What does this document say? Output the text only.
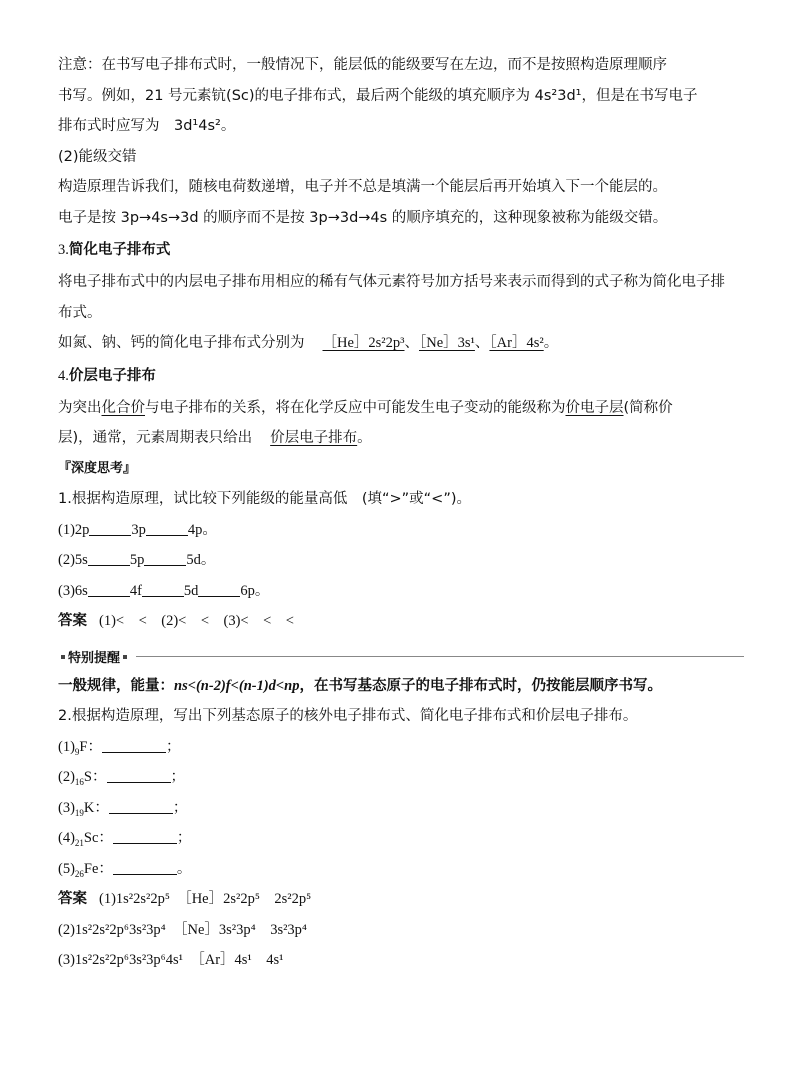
注意：在书写电子排布式时，一般情况下，能层低的能级要写在左边，而不是按照构造原理顺序

书写。例如，21 号元素钪(Sc)的电子排布式，最后两个能级的填充顺序为 4s²3d¹，但是在书写电子

排布式时应写为　3d¹4s²。

(2)能级交错

构造原理告诉我们，随核电荷数递增，电子并不总是填满一个能层后再开始填入下一个能层的。

电子是按 3p→4s→3d 的顺序而不是按 3p→3d→4s 的顺序填充的，这种现象被称为能级交错。

3.简化电子排布式

将电子排布式中的内层电子排布用相应的稀有气体元素符号加方括号来表示而得到的式子称为简化电子排布式。

如氮、钠、钙的简化电子排布式分别为 ［He］2s²2p³、［Ne］3s¹、［Ar］4s²。

4.价层电子排布

为突出化合价与电子排布的关系，将在化学反应中可能发生电子变动的能级称为价电子层(简称价

层)，通常，元素周期表只给出 价层电子排布。

『深度思考』

1.根据构造原理，试比较下列能级的能量高低　(填“>”或“<”)。

(1)2p	3p	4p。

(2)5s	5p	5d。

(3)6s	4f	5d	6p。

答案 (1)<　<　(2)<　<　(3)<　<　<

特别提醒

一般规律，能量：ns<(n-2)f<(n-1)d<np，在书写基态原子的电子排布式时，仍按能层顺序书写。

2.根据构造原理，写出下列基态原子的核外电子排布式、简化电子排布式和价层电子排布。

$(1)_9F$：	；

$(2)_{16}S$：	；

$(3)_{19}K$：	；

$(4)_{21}Sc$：	；

$(5)_{26}Fe$：	。

答案 (1)1s²2s²2p⁵　［He］2s²2p⁵　2s²2p⁵

(2)1s²2s²2p⁶3s²3p⁴　［Ne］3s²3p⁴　3s²3p⁴

(3)1s²2s²2p⁶3s²3p⁶4s¹　［Ar］4s¹　4s¹
